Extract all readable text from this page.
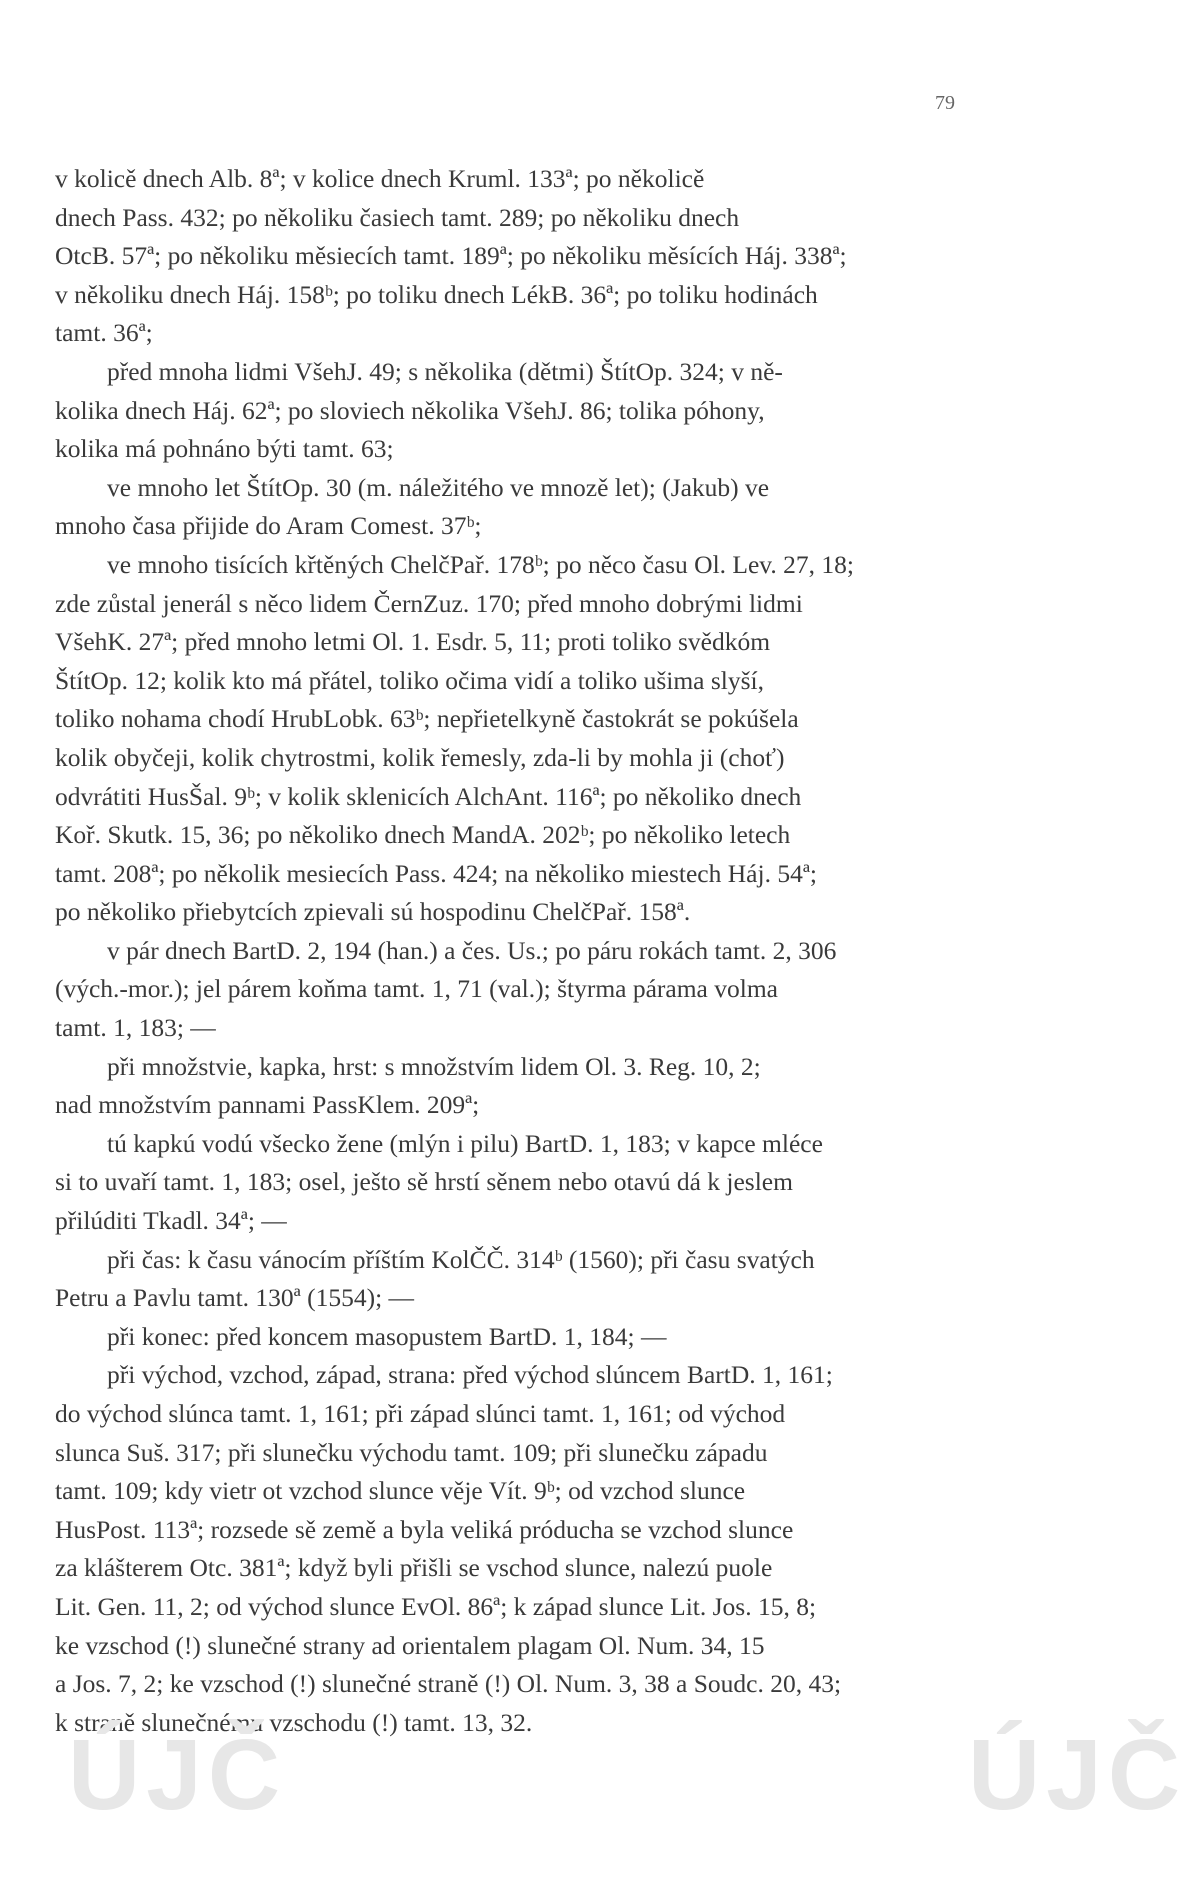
79
v kolicě dnech Alb. 8ª; v kolice dnech Kruml. 133ª; po několicě
dnech Pass. 432; po několiku časiech tamt. 289; po několiku dnech
OtcB. 57ª; po několiku měsiecích tamt. 189ª; po několiku měsících Háj. 338ª;
v několiku dnech Háj. 158ᵇ; po toliku dnech LékB. 36ª; po toliku hodinách
tamt. 36ª;
před mnoha lidmi VšehJ. 49; s několika (dětmi) ŠtítOp. 324; v ně-
kolika dnech Háj. 62ª; po sloviech několika VšehJ. 86; tolika póhony,
kolika má pohnáno býti tamt. 63;
ve mnoho let ŠtítOp. 30 (m. náležitého ve mnozě let); (Jakub) ve
mnoho časa přijide do Aram Comest. 37ᵇ;
ve mnoho tisících křtěných ChelčPař. 178ᵇ; po něco času Ol. Lev. 27, 18;
zde zůstal jenerál s něco lidem ČernZuz. 170; před mnoho dobrými lidmi
VšehK. 27ª; před mnoho letmi Ol. 1. Esdr. 5, 11; proti toliko svědkóm
ŠtítOp. 12; kolik kto má přátel, toliko očima vidí a toliko ušima slyší,
toliko nohama chodí HrubLobk. 63ᵇ; nepřietelkyně častokrát se pokúšela
kolik obyčeji, kolik chytrostmi, kolik řemesly, zda-li by mohla ji (choť)
odvrátiti HusŠal. 9ᵇ; v kolik sklenicích AlchAnt. 116ª; po několiko dnech
Koř. Skutk. 15, 36; po několiko dnech MandA. 202ᵇ; po několiko letech
tamt. 208ª; po několik mesiecích Pass. 424; na několiko miestech Háj. 54ª;
po několiko přiebytcích zpievali sú hospodinu ChelčPař. 158ª.
v pár dnech BartD. 2, 194 (han.) a čes. Us.; po páru rokách tamt. 2, 306
(vých.-mor.); jel párem koňma tamt. 1, 71 (val.); štyrma párama volma
tamt. 1, 183; —
při množstvie, kapka, hrst: s množstvím lidem Ol. 3. Reg. 10, 2;
nad množstvím pannami PassKlem. 209ª;
tú kapkú vodú všecko žene (mlýn i pilu) BartD. 1, 183; v kapce mléce
si to uvaří tamt. 1, 183; osel, ješto sě hrstí sěnem nebo otavú dá k jeslem
přilúditi Tkadl. 34ª; —
při čas: k času vánocím příštím KolČČ. 314ᵇ (1560); při času svatých
Petru a Pavlu tamt. 130ª (1554); —
při konec: před koncem masopustem BartD. 1, 184; —
při východ, vzchod, západ, strana: před východ slúncem BartD. 1, 161;
do východ slúnca tamt. 1, 161; při západ slúnci tamt. 1, 161; od východ
slunca Suš. 317; při slunečku východu tamt. 109; při slunečku západu
tamt. 109; kdy vietr ot vzchod slunce věje Vít. 9ᵇ; od vzchod slunce
HusPost. 113ª; rozsede sě země a byla veliká próducha se vzchod slunce
za klášterem Otc. 381ª; když byli přišli se vschod slunce, nalezú puole
Lit. Gen. 11, 2; od východ slunce EvOl. 86ª; k západ slunce Lit. Jos. 15, 8;
ke vzschod (!) slunečné strany ad orientalem plagam Ol. Num. 34, 15
a Jos. 7, 2; ke vzschod (!) slunečné straně (!) Ol. Num. 3, 38 a Soudc. 20, 43;
k straně slunečnému vzschodu (!) tamt. 13, 32.
ÚJČ	ÚJČ
